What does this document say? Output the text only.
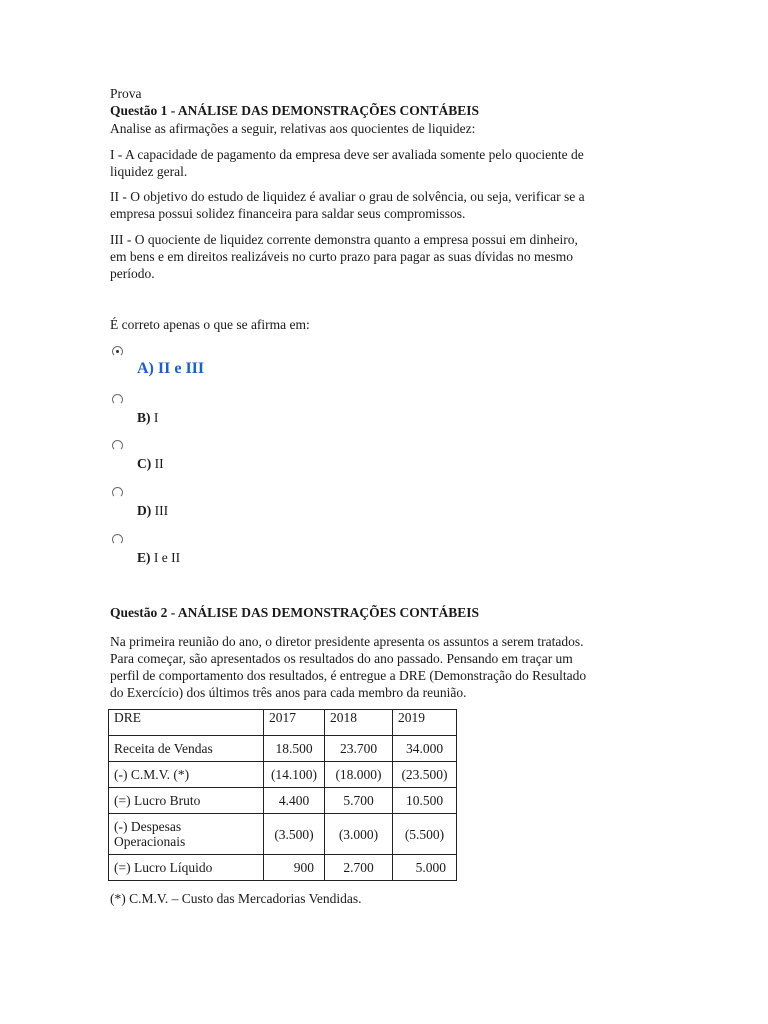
Prova
Questão 1 - ANÁLISE DAS DEMONSTRAÇÕES CONTÁBEIS
Analise as afirmações a seguir, relativas aos quocientes de liquidez:
I - A capacidade de pagamento da empresa deve ser avaliada somente pelo quociente de
liquidez geral.
II - O objetivo do estudo de liquidez é avaliar o grau de solvência, ou seja, verificar se a
empresa possui solidez financeira para saldar seus compromissos.
III - O quociente de liquidez corrente demonstra quanto a empresa possui em dinheiro,
em bens e em direitos realizáveis no curto prazo para pagar as suas dívidas no mesmo
período.
É correto apenas o que se afirma em:
A) II e III
B) I
C) II
D) III
E) I e II
Questão 2 - ANÁLISE DAS DEMONSTRAÇÕES CONTÁBEIS
Na primeira reunião do ano, o diretor presidente apresenta os assuntos a serem tratados.
Para começar, são apresentados os resultados do ano passado. Pensando em traçar um
perfil de comportamento dos resultados, é entregue a DRE (Demonstração do Resultado
do Exercício) dos últimos três anos para cada membro da reunião.
DRE	2017	2018	2019
Receita de Vendas	18.500	23.700	34.000
(-) C.M.V. (*)	(14.100)	(18.000)	(23.500)
(=) Lucro Bruto	4.400	5.700	10.500
(-) Despesas
Operacionais	(3.500)	(3.000)	(5.500)
(=) Lucro Líquido	900	2.700	5.000
(*) C.M.V. – Custo das Mercadorias Vendidas.
